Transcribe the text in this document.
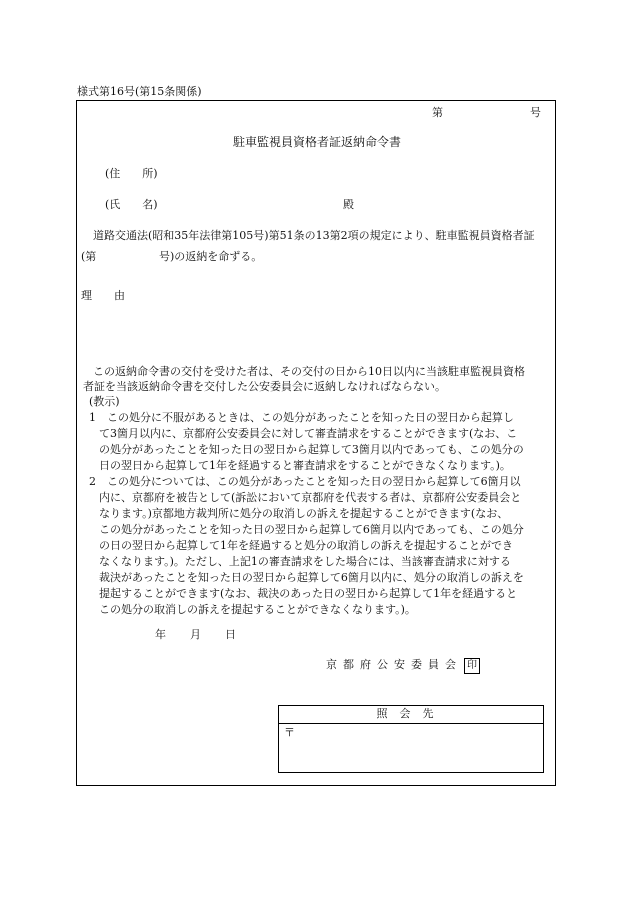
様式第16号(第15条関係)
第	号
駐車監視員資格者証返納命令書
(住　　所)
(氏　　名)	殿
道路交通法(昭和35年法律第105号)第51条の13第2項の規定により、駐車監視員資格者証
(第	号)の返納を命ずる。
理　　由
この返納命令書の交付を受けた者は、その交付の日から10日以内に当該駐車監視員資格
者証を当該返納命令書を交付した公安委員会に返納しなければならない。
(教示)
1　この処分に不服があるときは、この処分があったことを知った日の翌日から起算し
て3箇月以内に、京都府公安委員会に対して審査請求をすることができます(なお、こ
の処分があったことを知った日の翌日から起算して3箇月以内であっても、この処分の
日の翌日から起算して1年を経過すると審査請求をすることができなくなります。)。
2　この処分については、この処分があったことを知った日の翌日から起算して6箇月以
内に、京都府を被告として(訴訟において京都府を代表する者は、京都府公安委員会と
なります。)京都地方裁判所に処分の取消しの訴えを提起することができます(なお、
この処分があったことを知った日の翌日から起算して6箇月以内であっても、この処分
の日の翌日から起算して1年を経過すると処分の取消しの訴えを提起することができ
なくなります。)。ただし、上記1の審査請求をした場合には、当該審査請求に対する
裁決があったことを知った日の翌日から起算して6箇月以内に、処分の取消しの訴えを
提起することができます(なお、裁決のあった日の翌日から起算して1年を経過すると
この処分の取消しの訴えを提起することができなくなります。)。
年 月 日
京都府公安委員会 印
照会先
〒
